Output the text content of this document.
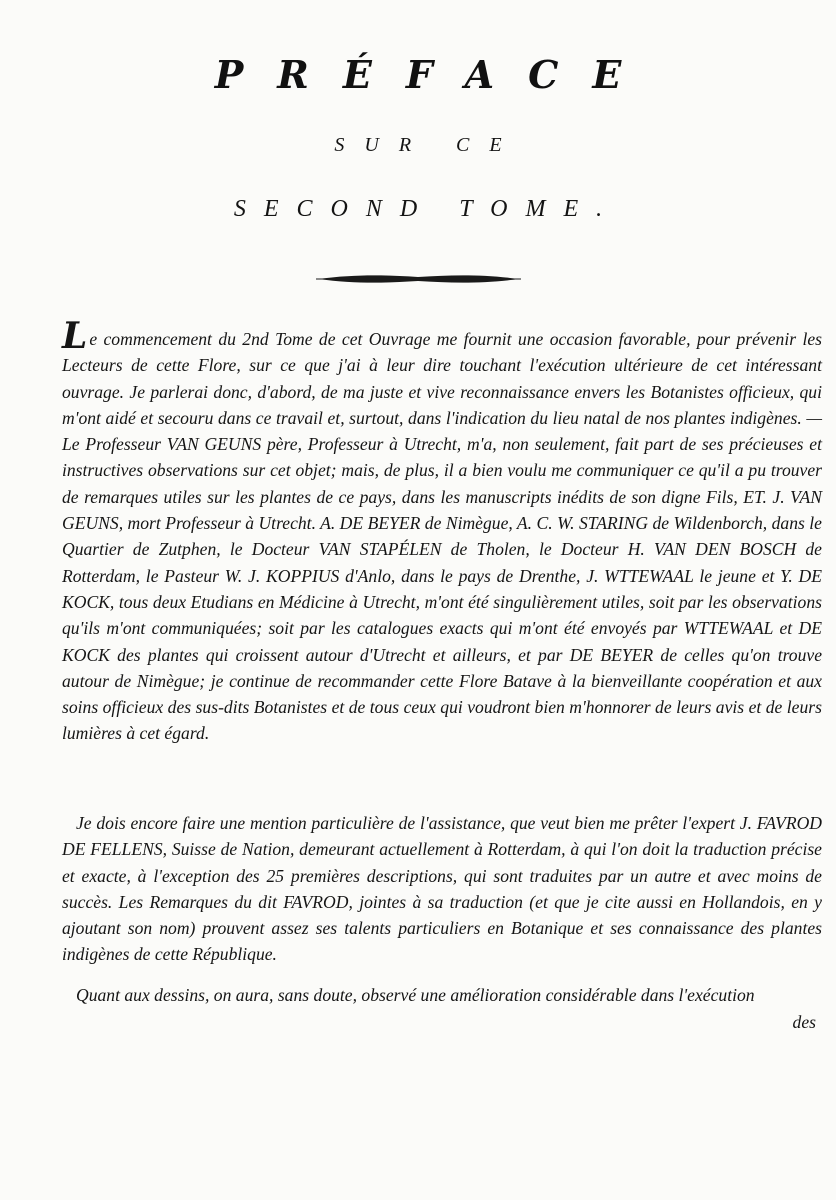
PRÉFACE
SUR CE
SECOND TOME.
Le commencement du 2nd Tome de cet Ouvrage me fournit une occasion favorable, pour prévenir les Lecteurs de cette Flore, sur ce que j'ai à leur dire touchant l'exécution ultérieure de cet intéressant ouvrage. Je parlerai donc, d'abord, de ma juste et vive reconnaissance envers les Botanistes officieux, qui m'ont aidé et secouru dans ce travail et, surtout, dans l'indication du lieu natal de nos plantes indigènes. — Le Professeur VAN GEUNS père, Professeur à Utrecht, m'a, non seulement, fait part de ses précieuses et instructives observations sur cet objet; mais, de plus, il a bien voulu me communiquer ce qu'il a pu trouver de remarques utiles sur les plantes de ce pays, dans les manuscripts inédits de son digne Fils, ET. J. VAN GEUNS, mort Professeur à Utrecht. A. DE BEYER de Nimègue, A. C. W. STARING de Wildenborch, dans le Quartier de Zutphen, le Docteur VAN STAPÉLEN de Tholen, le Docteur H. VAN DEN BOSCH de Rotterdam, le Pasteur W. J. KOPPIUS d'Anlo, dans le pays de Drenthe, J. WTTEWAAL le jeune et Y. DE KOCK, tous deux Etudians en Médicine à Utrecht, m'ont été singulièrement utiles, soit par les observations qu'ils m'ont communiquées; soit par les catalogues exacts qui m'ont été envoyés par WTTEWAAL et DE KOCK des plantes qui croissent autour d'Utrecht et ailleurs, et par DE BEYER de celles qu'on trouve autour de Nimègue; je continue de recommander cette Flore Batave à la bienveillante coopération et aux soins officieux des sus-dits Botanistes et de tous ceux qui voudront bien m'honnorer de leurs avis et de leurs lumières à cet égard.
Je dois encore faire une mention particulière de l'assistance, que veut bien me prêter l'expert J. FAVROD DE FELLENS, Suisse de Nation, demeurant actuellement à Rotterdam, à qui l'on doit la traduction précise et exacte, à l'exception des 25 premières descriptions, qui sont traduites par un autre et avec moins de succès. Les Remarques du dit FAVROD, jointes à sa traduction (et que je cite aussi en Hollandois, en y ajoutant son nom) prouvent assez ses talents particuliers en Botanique et ses connaissance des plantes indigènes de cette République.
Quant aux dessins, on aura, sans doute, observé une amélioration considérable dans l'exécution
des
